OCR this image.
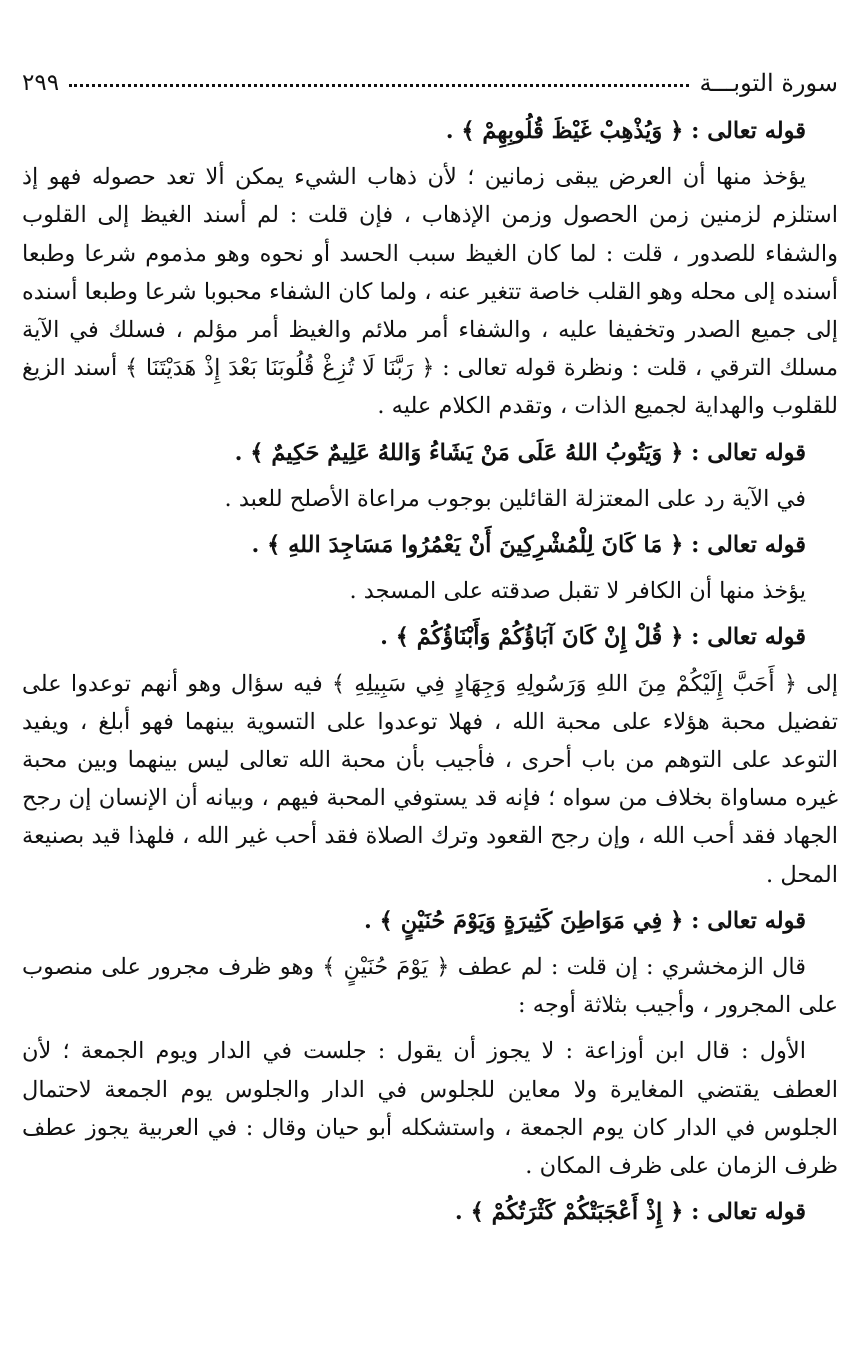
سورة التوبـــة
٢٩٩

قوله تعالى : ﴿ وَيُذْهِبْ غَيْظَ قُلُوبِهِمْ ﴾ .

يؤخذ منها أن العرض يبقى زمانين ؛ لأن ذهاب الشيء يمكن ألا تعد حصوله فهو إذ استلزم لزمنين زمن الحصول وزمن الإذهاب ، فإن قلت : لم أسند الغيظ إلى القلوب والشفاء للصدور ، قلت : لما كان الغيظ سبب الحسد أو نحوه وهو مذموم شرعا وطبعا أسنده إلى محله وهو القلب خاصة تتغير عنه ، ولما كان الشفاء محبوبا شرعا وطبعا أسنده إلى جميع الصدر وتخفيفا عليه ، والشفاء أمر ملائم والغيظ أمر مؤلم ، فسلك في الآية مسلك الترقي ، قلت : ونظرة قوله تعالى : ﴿ رَبَّنَا لَا تُزِغْ قُلُوبَنَا بَعْدَ إِذْ هَدَيْتَنَا ﴾ أسند الزيغ للقلوب والهداية لجميع الذات ، وتقدم الكلام عليه .

قوله تعالى : ﴿ وَيَتُوبُ اللهُ عَلَى مَنْ يَشَاءُ وَاللهُ عَلِيمٌ حَكِيمٌ ﴾ .

في الآية رد على المعتزلة القائلين بوجوب مراعاة الأصلح للعبد .

قوله تعالى : ﴿ مَا كَانَ لِلْمُشْرِكِينَ أَنْ يَعْمُرُوا مَسَاجِدَ اللهِ ﴾ .

يؤخذ منها أن الكافر لا تقبل صدقته على المسجد .

قوله تعالى : ﴿ قُلْ إِنْ كَانَ آبَاؤُكُمْ وَأَبْنَاؤُكُمْ ﴾ .

إلى ﴿ أَحَبَّ إِلَيْكُمْ مِنَ اللهِ وَرَسُولِهِ وَجِهَادٍ فِي سَبِيلِهِ ﴾ فيه سؤال وهو أنهم توعدوا على تفضيل محبة هؤلاء على محبة الله ، فهلا توعدوا على التسوية بينهما فهو أبلغ ، ويفيد التوعد على التوهم من باب أحرى ، فأجيب بأن محبة الله تعالى ليس بينهما وبين محبة غيره مساواة بخلاف من سواه ؛ فإنه قد يستوفي المحبة فيهم ، وبيانه أن الإنسان إن رجح الجهاد فقد أحب الله ، وإن رجح القعود وترك الصلاة فقد أحب غير الله ، فلهذا قيد بصنيعة المحل .

قوله تعالى : ﴿ فِي مَوَاطِنَ كَثِيرَةٍ وَيَوْمَ حُنَيْنٍ ﴾ .

قال الزمخشري : إن قلت : لم عطف ﴿ يَوْمَ حُنَيْنٍ ﴾ وهو ظرف مجرور على منصوب على المجرور ، وأجيب بثلاثة أوجه :

الأول : قال ابن أوزاعة : لا يجوز أن يقول : جلست في الدار ويوم الجمعة ؛ لأن العطف يقتضي المغايرة ولا معاين للجلوس في الدار والجلوس يوم الجمعة لاحتمال الجلوس في الدار كان يوم الجمعة ، واستشكله أبو حيان وقال : في العربية يجوز عطف ظرف الزمان على ظرف المكان .

قوله تعالى : ﴿ إِذْ أَعْجَبَتْكُمْ كَثْرَتُكُمْ ﴾ .
